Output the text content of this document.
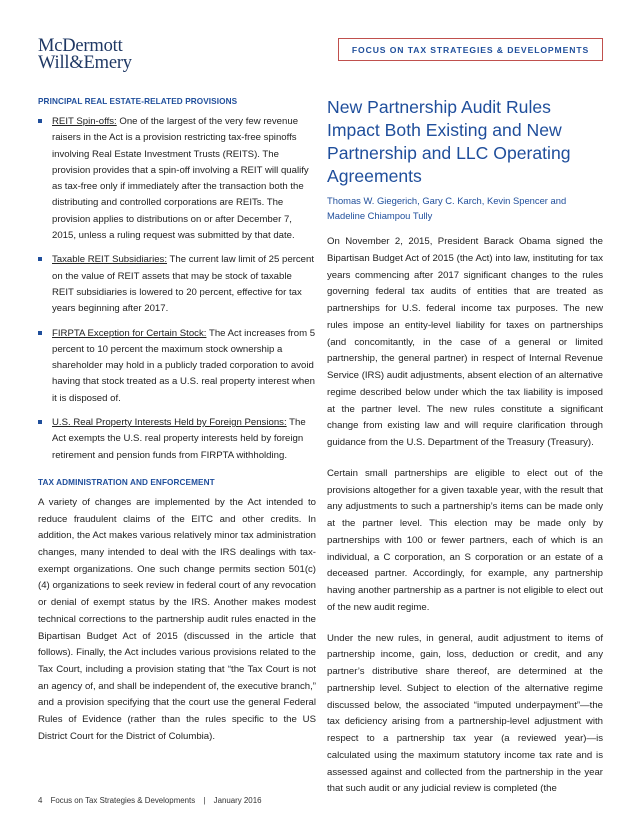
McDermott
Will&Emery
FOCUS ON TAX STRATEGIES & DEVELOPMENTS
PRINCIPAL REAL ESTATE-RELATED PROVISIONS
REIT Spin-offs: One of the largest of the very few revenue raisers in the Act is a provision restricting tax-free spinoffs involving Real Estate Investment Trusts (REITS). The provision provides that a spin-off involving a REIT will qualify as tax-free only if immediately after the transaction both the distributing and controlled corporations are REITs. The provision applies to distributions on or after December 7, 2015, unless a ruling request was submitted by that date.
Taxable REIT Subsidiaries: The current law limit of 25 percent on the value of REIT assets that may be stock of taxable REIT subsidiaries is lowered to 20 percent, effective for tax years beginning after 2017.
FIRPTA Exception for Certain Stock: The Act increases from 5 percent to 10 percent the maximum stock ownership a shareholder may hold in a publicly traded corporation to avoid having that stock treated as a U.S. real property interest when it is disposed of.
U.S. Real Property Interests Held by Foreign Pensions: The Act exempts the U.S. real property interests held by foreign retirement and pension funds from FIRPTA withholding.
TAX ADMINISTRATION AND ENFORCEMENT

A variety of changes are implemented by the Act intended to reduce fraudulent claims of the EITC and other credits. In addition, the Act makes various relatively minor tax administration changes, many intended to deal with the IRS dealings with tax-exempt organizations. One such change permits section 501(c)(4) organizations to seek review in federal court of any revocation or denial of exempt status by the IRS. Another makes modest technical corrections to the partnership audit rules enacted in the Bipartisan Budget Act of 2015 (discussed in the article that follows). Finally, the Act includes various provisions related to the Tax Court, including a provision stating that “the Tax Court is not an agency of, and shall be independent of, the executive branch,” and a provision specifying that the court use the general Federal Rules of Evidence (rather than the rules specific to the US District Court for the District of Columbia).

New Partnership Audit Rules Impact Both Existing and New Partnership and LLC Operating Agreements
Thomas W. Giegerich, Gary C. Karch, Kevin Spencer and Madeline Chiampou Tully

On November 2, 2015, President Barack Obama signed the Bipartisan Budget Act of 2015 (the Act) into law, instituting for tax years commencing after 2017 significant changes to the rules governing federal tax audits of entities that are treated as partnerships for U.S. federal income tax purposes. The new rules impose an entity-level liability for taxes on partnerships (and concomitantly, in the case of a general or limited partnership, the general partner) in respect of Internal Revenue Service (IRS) audit adjustments, absent election of an alternative regime described below under which the tax liability is imposed at the partner level. The new rules constitute a significant change from existing law and will require clarification through guidance from the U.S. Department of the Treasury (Treasury).

Certain small partnerships are eligible to elect out of the provisions altogether for a given taxable year, with the result that any adjustments to such a partnership’s items can be made only at the partner level. This election may be made only by partnerships with 100 or fewer partners, each of which is an individual, a C corporation, an S corporation or an estate of a deceased partner. Accordingly, for example, any partnership having another partnership as a partner is not eligible to elect out of the new audit regime.

Under the new rules, in general, audit adjustment to items of partnership income, gain, loss, deduction or credit, and any partner’s distributive share thereof, are determined at the partnership level. Subject to election of the alternative regime discussed below, the associated “imputed underpayment”—the tax deficiency arising from a partnership-level adjustment with respect to a partnership tax year (a reviewed year)—is calculated using the maximum statutory income tax rate and is assessed against and collected from the partnership in the year that such audit or any judicial review is completed (the

4 Focus on Tax Strategies & Developments | January 2016
